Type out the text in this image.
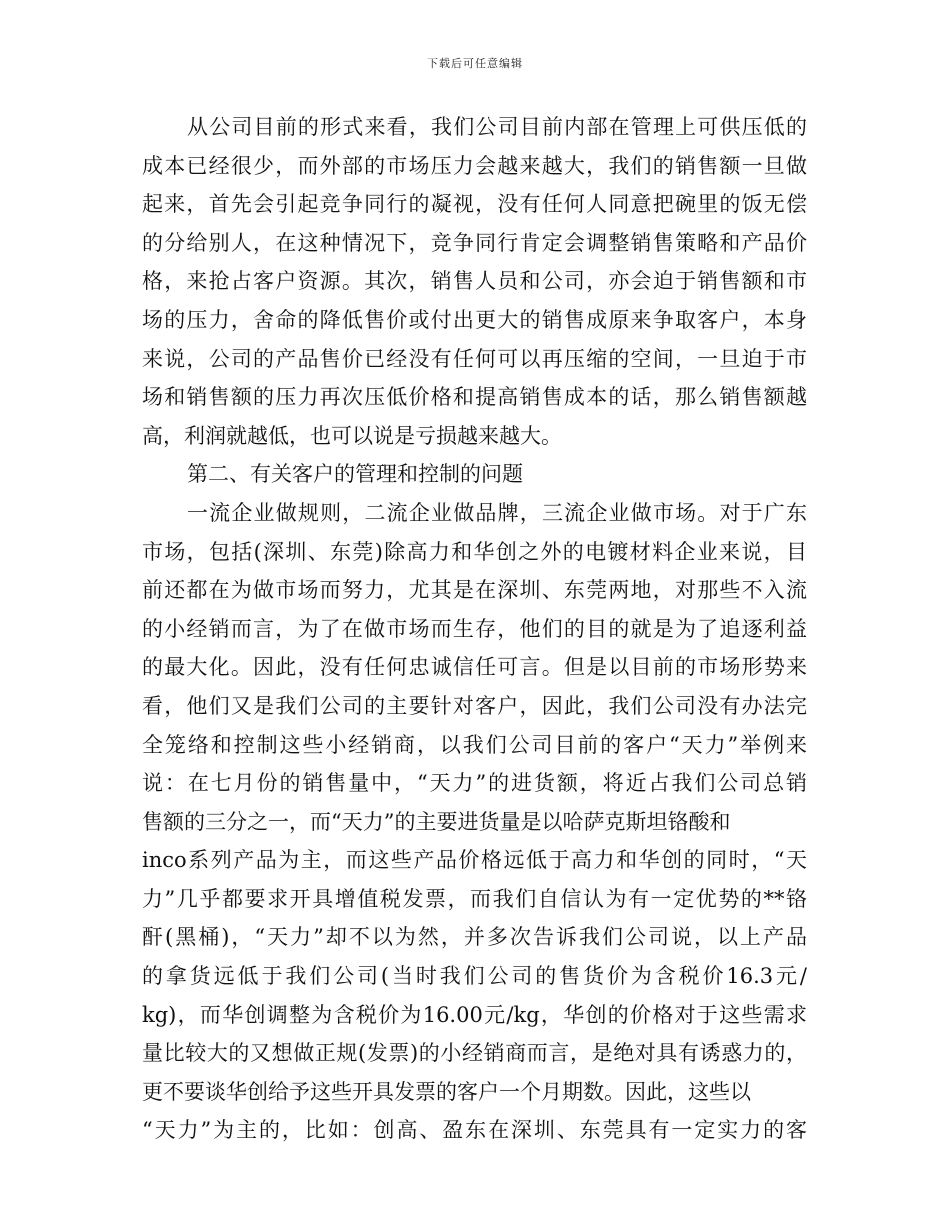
下载后可任意编辑
从公司目前的形式来看，我们公司目前内部在管理上可供压低的
成本已经很少，而外部的市场压力会越来越大，我们的销售额一旦做
起来，首先会引起竞争同行的凝视，没有任何人同意把碗里的饭无偿
的分给别人，在这种情况下，竞争同行肯定会调整销售策略和产品价
格，来抢占客户资源。其次，销售人员和公司，亦会迫于销售额和市
场的压力，舍命的降低售价或付出更大的销售成原来争取客户，本身
来说，公司的产品售价已经没有任何可以再压缩的空间，一旦迫于市
场和销售额的压力再次压低价格和提高销售成本的话，那么销售额越
高，利润就越低，也可以说是亏损越来越大。
第二、有关客户的管理和控制的问题
一流企业做规则，二流企业做品牌，三流企业做市场。对于广东
市场，包括(深圳、东莞)除高力和华创之外的电镀材料企业来说，目
前还都在为做市场而努力，尤其是在深圳、东莞两地，对那些不入流
的小经销而言，为了在做市场而生存，他们的目的就是为了追逐利益
的最大化。因此，没有任何忠诚信任可言。但是以目前的市场形势来
看，他们又是我们公司的主要针对客户，因此，我们公司没有办法完
全笼络和控制这些小经销商，以我们公司目前的客户“天力”举例来
说：在七月份的销售量中，“天力”的进货额，将近占我们公司总销
售额的三分之一，而“天力”的主要进货量是以哈萨克斯坦铬酸和
inco系列产品为主，而这些产品价格远低于高力和华创的同时，“天
力”几乎都要求开具增值税发票，而我们自信认为有一定优势的**铬
酐(黑桶)，“天力”却不以为然，并多次告诉我们公司说，以上产品
的拿货远低于我们公司(当时我们公司的售货价为含税价16.3元/
kg)，而华创调整为含税价为16.00元/kg，华创的价格对于这些需求
量比较大的又想做正规(发票)的小经销商而言，是绝对具有诱惑力的，
更不要谈华创给予这些开具发票的客户一个月期数。因此，这些以
“天力”为主的，比如：创高、盈东在深圳、东莞具有一定实力的客
